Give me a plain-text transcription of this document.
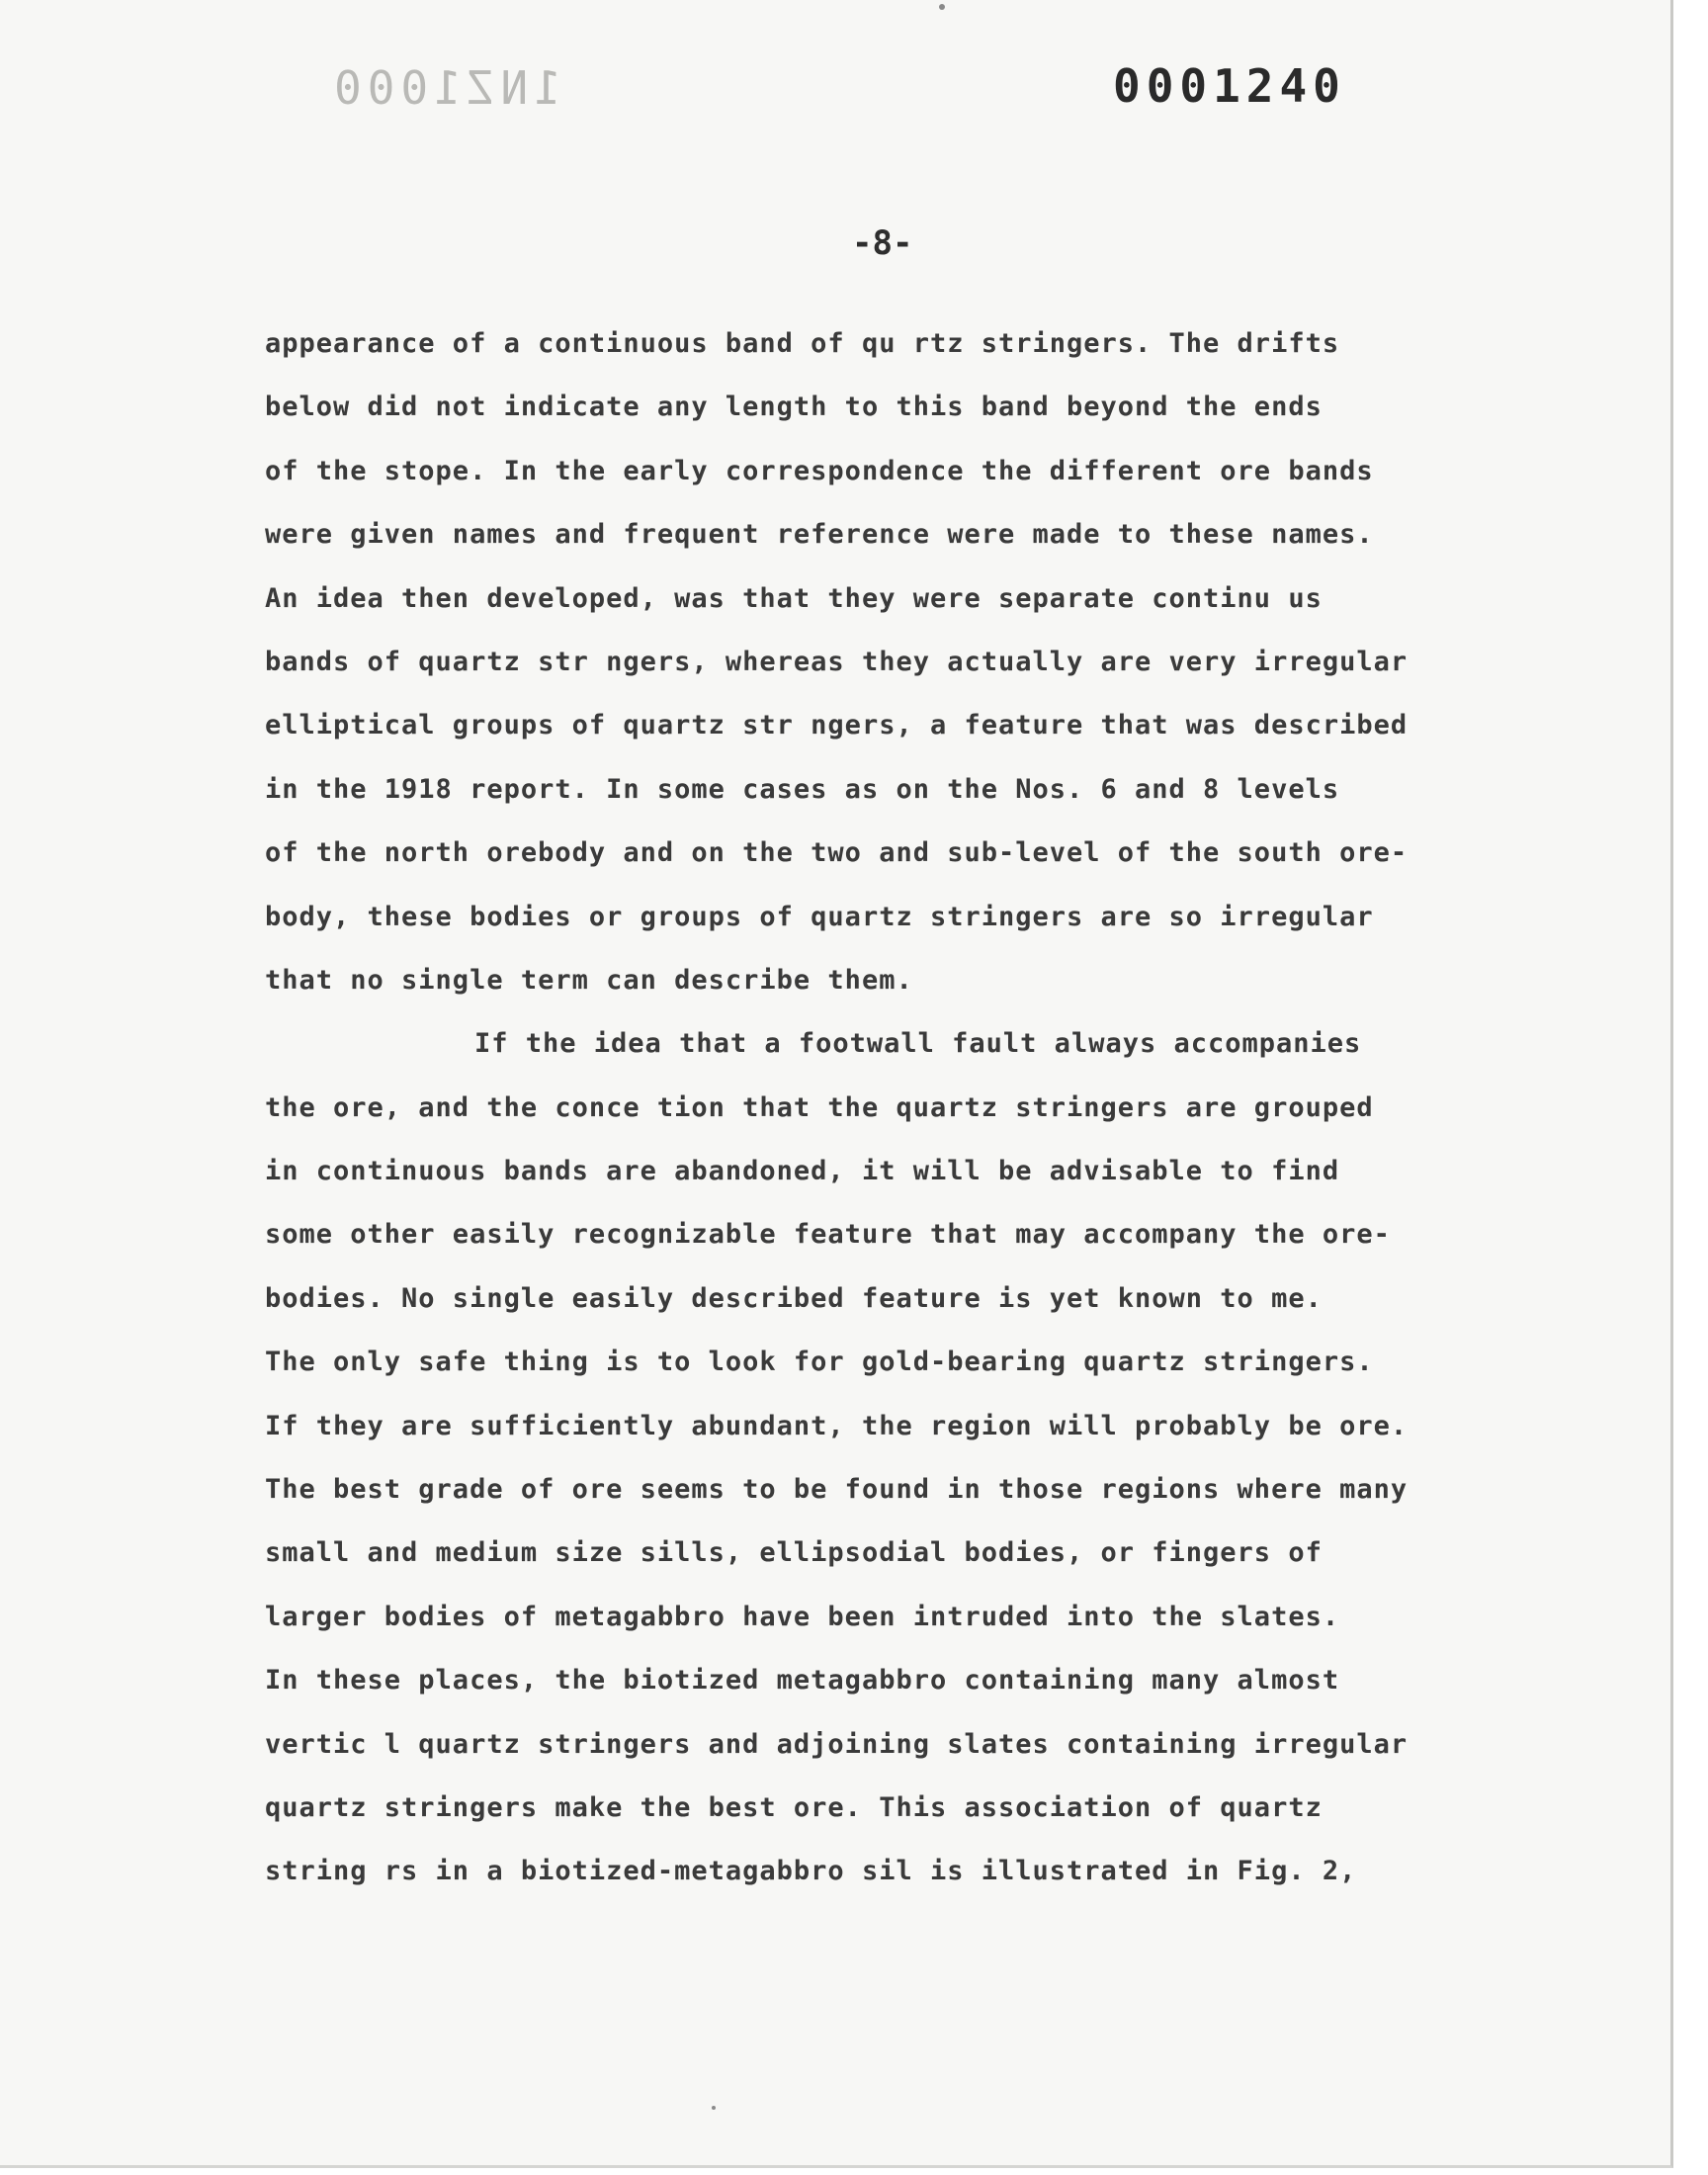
1NZ1000	0001240
-8-
appearance of a continuous band of qu rtz stringers. The drifts
below did not indicate any length to this band beyond the ends
of the stope. In the early correspondence the different ore bands
were given names and frequent reference were made to these names.
An idea then developed, was that they were separate continu us
bands of quartz str ngers, whereas they actually are very irregular
elliptical groups of quartz str ngers, a feature that was described
in the 1918 report. In some cases as on the Nos. 6 and 8 levels
of the north orebody and on the two and sub-level of the south ore-
body, these bodies or groups of quartz stringers are so irregular
that no single term can describe them.
If the idea that a footwall fault always accompanies
the ore, and the conce tion that the quartz stringers are grouped
in continuous bands are abandoned, it will be advisable to find
some other easily recognizable feature that may accompany the ore-
bodies. No single easily described feature is yet known to me.
The only safe thing is to look for gold-bearing quartz stringers.
If they are sufficiently abundant, the region will probably be ore.
The best grade of ore seems to be found in those regions where many
small and medium size sills, ellipsodial bodies, or fingers of
larger bodies of metagabbro have been intruded into the slates.
In these places, the biotized metagabbro containing many almost
vertic l quartz stringers and adjoining slates containing irregular
quartz stringers make the best ore. This association of quartz
string rs in a biotized-metagabbro sil is illustrated in Fig. 2,
